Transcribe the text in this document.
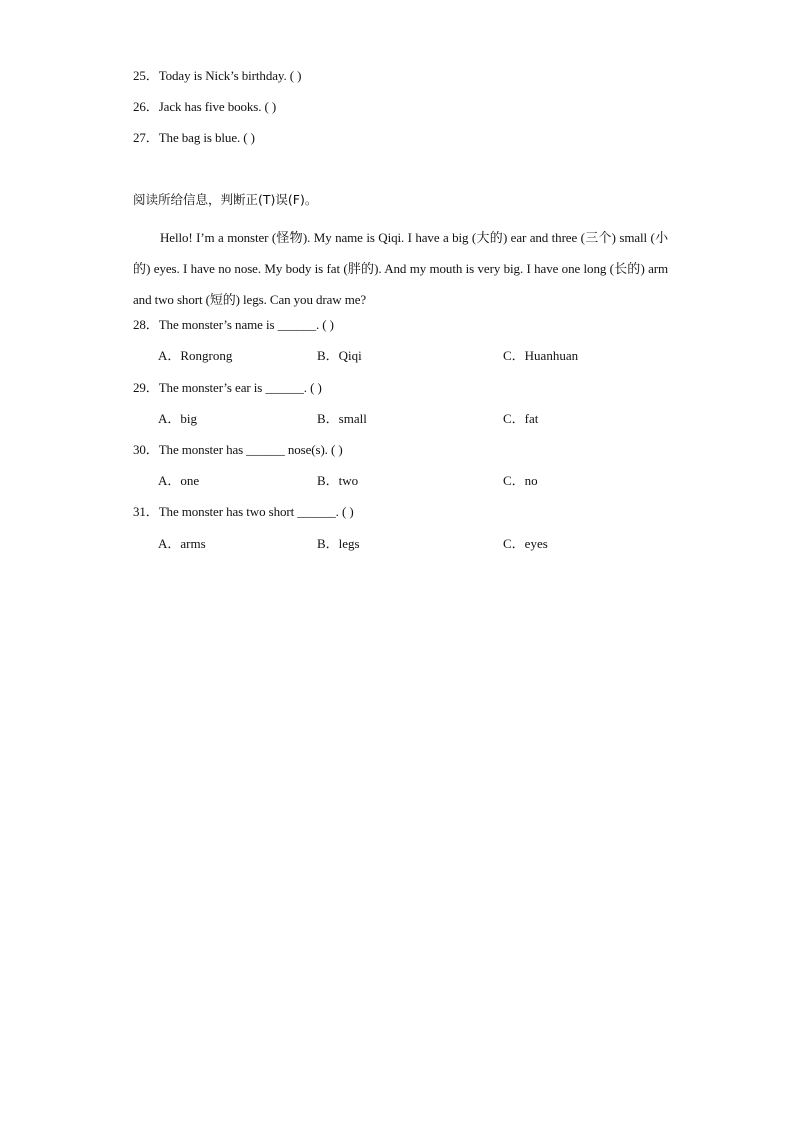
25．Today is Nick’s birthday. ( )
26．Jack has five books. ( )
27．The bag is blue. ( )
阅读所给信息，判断正(T)误(F)。
Hello! I’m a monster (怪物). My name is Qiqi. I have a big (大的) ear and three (三个) small (小的) eyes. I have no nose. My body is fat (胖的). And my mouth is very big. I have one long (长的) arm and two short (短的) legs. Can you draw me?
28．The monster’s name is ______. ( )
A．Rongrong	B．Qiqi	C．Huanhuan
29．The monster’s ear is ______. ( )
A．big	B．small	C．fat
30．The monster has ______ nose(s). ( )
A．one	B．two	C．no
31．The monster has two short ______. ( )
A．arms	B．legs	C．eyes
